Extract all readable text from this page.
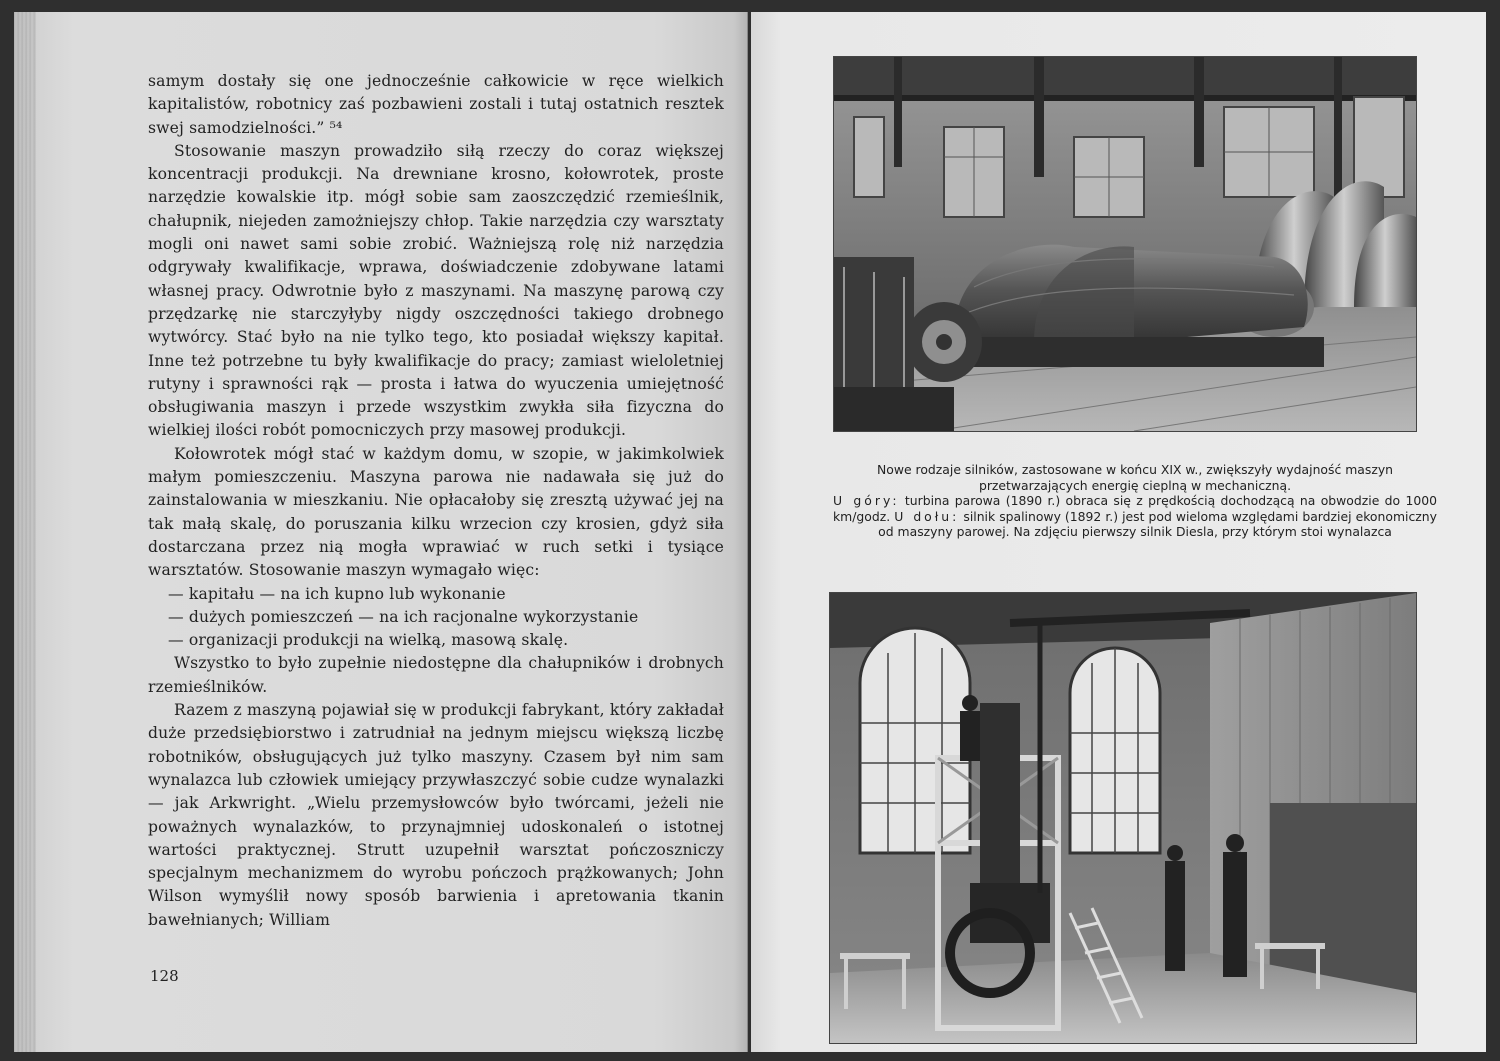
samym dostały się one jednocześnie całkowicie w ręce wielkich kapitalistów, robotnicy zaś pozbawieni zostali i tutaj ostatnich resztek swej samodzielności.” ⁵⁴

Stosowanie maszyn prowadziło siłą rzeczy do coraz większej koncentracji produkcji. Na drewniane krosno, kołowrotek, proste narzędzie kowalskie itp. mógł sobie sam zaoszczędzić rzemieślnik, chałupnik, niejeden zamożniejszy chłop. Takie narzędzia czy warsztaty mogli oni nawet sami sobie zrobić. Ważniejszą rolę niż narzędzia odgrywały kwalifikacje, wprawa, doświadczenie zdobywane latami własnej pracy. Odwrotnie było z maszynami. Na maszynę parową czy przędzarkę nie starczyłyby nigdy oszczędności takiego drobnego wytwórcy. Stać było na nie tylko tego, kto posiadał większy kapitał. Inne też potrzebne tu były kwalifikacje do pracy; zamiast wieloletniej rutyny i sprawności rąk — prosta i łatwa do wyuczenia umiejętność obsługiwania maszyn i przede wszystkim zwykła siła fizyczna do wielkiej ilości robót pomocniczych przy masowej produkcji.

Kołowrotek mógł stać w każdym domu, w szopie, w jakimkolwiek małym pomieszczeniu. Maszyna parowa nie nadawała się już do zainstalowania w mieszkaniu. Nie opłacałoby się zresztą używać jej na tak małą skalę, do poruszania kilku wrzecion czy krosien, gdyż siła dostarczana przez nią mogła wprawiać w ruch setki i tysiące warsztatów. Stosowanie maszyn wymagało więc:

— kapitału — na ich kupno lub wykonanie

— dużych pomieszczeń — na ich racjonalne wykorzystanie

— organizacji produkcji na wielką, masową skalę.

Wszystko to było zupełnie niedostępne dla chałupników i drobnych rzemieślników.

Razem z maszyną pojawiał się w produkcji fabrykant, który zakładał duże przedsiębiorstwo i zatrudniał na jednym miejscu większą liczbę robotników, obsługujących już tylko maszyny. Czasem był nim sam wynalazca lub człowiek umiejący przywłaszczyć sobie cudze wynalazki — jak Arkwright. „Wielu przemysłowców było twórcami, jeżeli nie poważnych wynalazków, to przynajmniej udoskonaleń o istotnej wartości praktycznej. Strutt uzupełnił warsztat pończoszniczy specjalnym mechanizmem do wyrobu pończoch prążkowanych; John Wilson wymyślił nowy sposób barwienia i apretowania tkanin bawełnianych; William

128

Nowe rodzaje silników, zastosowane w końcu XIX w., zwiększyły wydajność maszyn przetwarzających energię cieplną w mechaniczną.

U góry: turbina parowa (1890 r.) obraca się z prędkością dochodzącą na obwodzie do 1000 km/godz. U dołu: silnik spalinowy (1892 r.) jest pod wieloma względami bardziej ekonomiczny od maszyny parowej. Na zdjęciu pierwszy silnik Diesla, przy którym stoi wynalazca
